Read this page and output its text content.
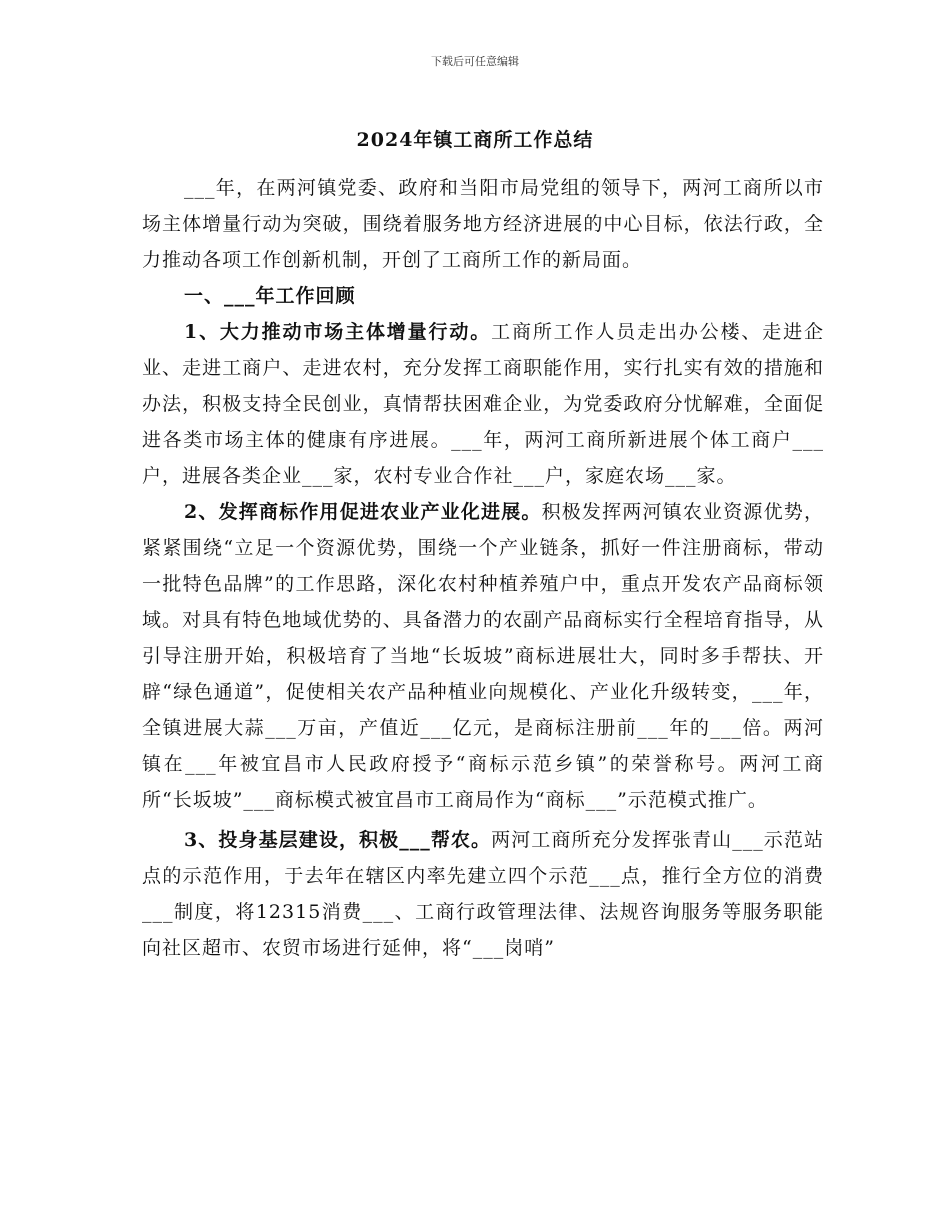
下载后可任意编辑
2024年镇工商所工作总结

___年，在两河镇党委、政府和当阳市局党组的领导下，两河工商所以市场主体增量行动为突破，围绕着服务地方经济进展的中心目标，依法行政，全力推动各项工作创新机制，开创了工商所工作的新局面。

一、___年工作回顾

1、大力推动市场主体增量行动。工商所工作人员走出办公楼、走进企业、走进工商户、走进农村，充分发挥工商职能作用，实行扎实有效的措施和办法，积极支持全民创业，真情帮扶困难企业，为党委政府分忧解难，全面促进各类市场主体的健康有序进展。___年，两河工商所新进展个体工商户___户，进展各类企业___家，农村专业合作社___户，家庭农场___家。

2、发挥商标作用促进农业产业化进展。积极发挥两河镇农业资源优势，紧紧围绕“立足一个资源优势，围绕一个产业链条，抓好一件注册商标，带动一批特色品牌”的工作思路，深化农村种植养殖户中，重点开发农产品商标领域。对具有特色地域优势的、具备潜力的农副产品商标实行全程培育指导，从引导注册开始，积极培育了当地“长坂坡”商标进展壮大，同时多手帮扶、开辟“绿色通道”，促使相关农产品种植业向规模化、产业化升级转变，___年，全镇进展大蒜___万亩，产值近___亿元，是商标注册前___年的___倍。两河镇在___年被宜昌市人民政府授予“商标示范乡镇”的荣誉称号。两河工商所“长坂坡”___商标模式被宜昌市工商局作为“商标___”示范模式推广。

3、投身基层建设，积极___帮农。两河工商所充分发挥张青山___示范站点的示范作用，于去年在辖区内率先建立四个示范___点，推行全方位的消费___制度，将12315消费___、工商行政管理法律、法规咨询服务等服务职能向社区超市、农贸市场进行延伸，将“___岗哨”
